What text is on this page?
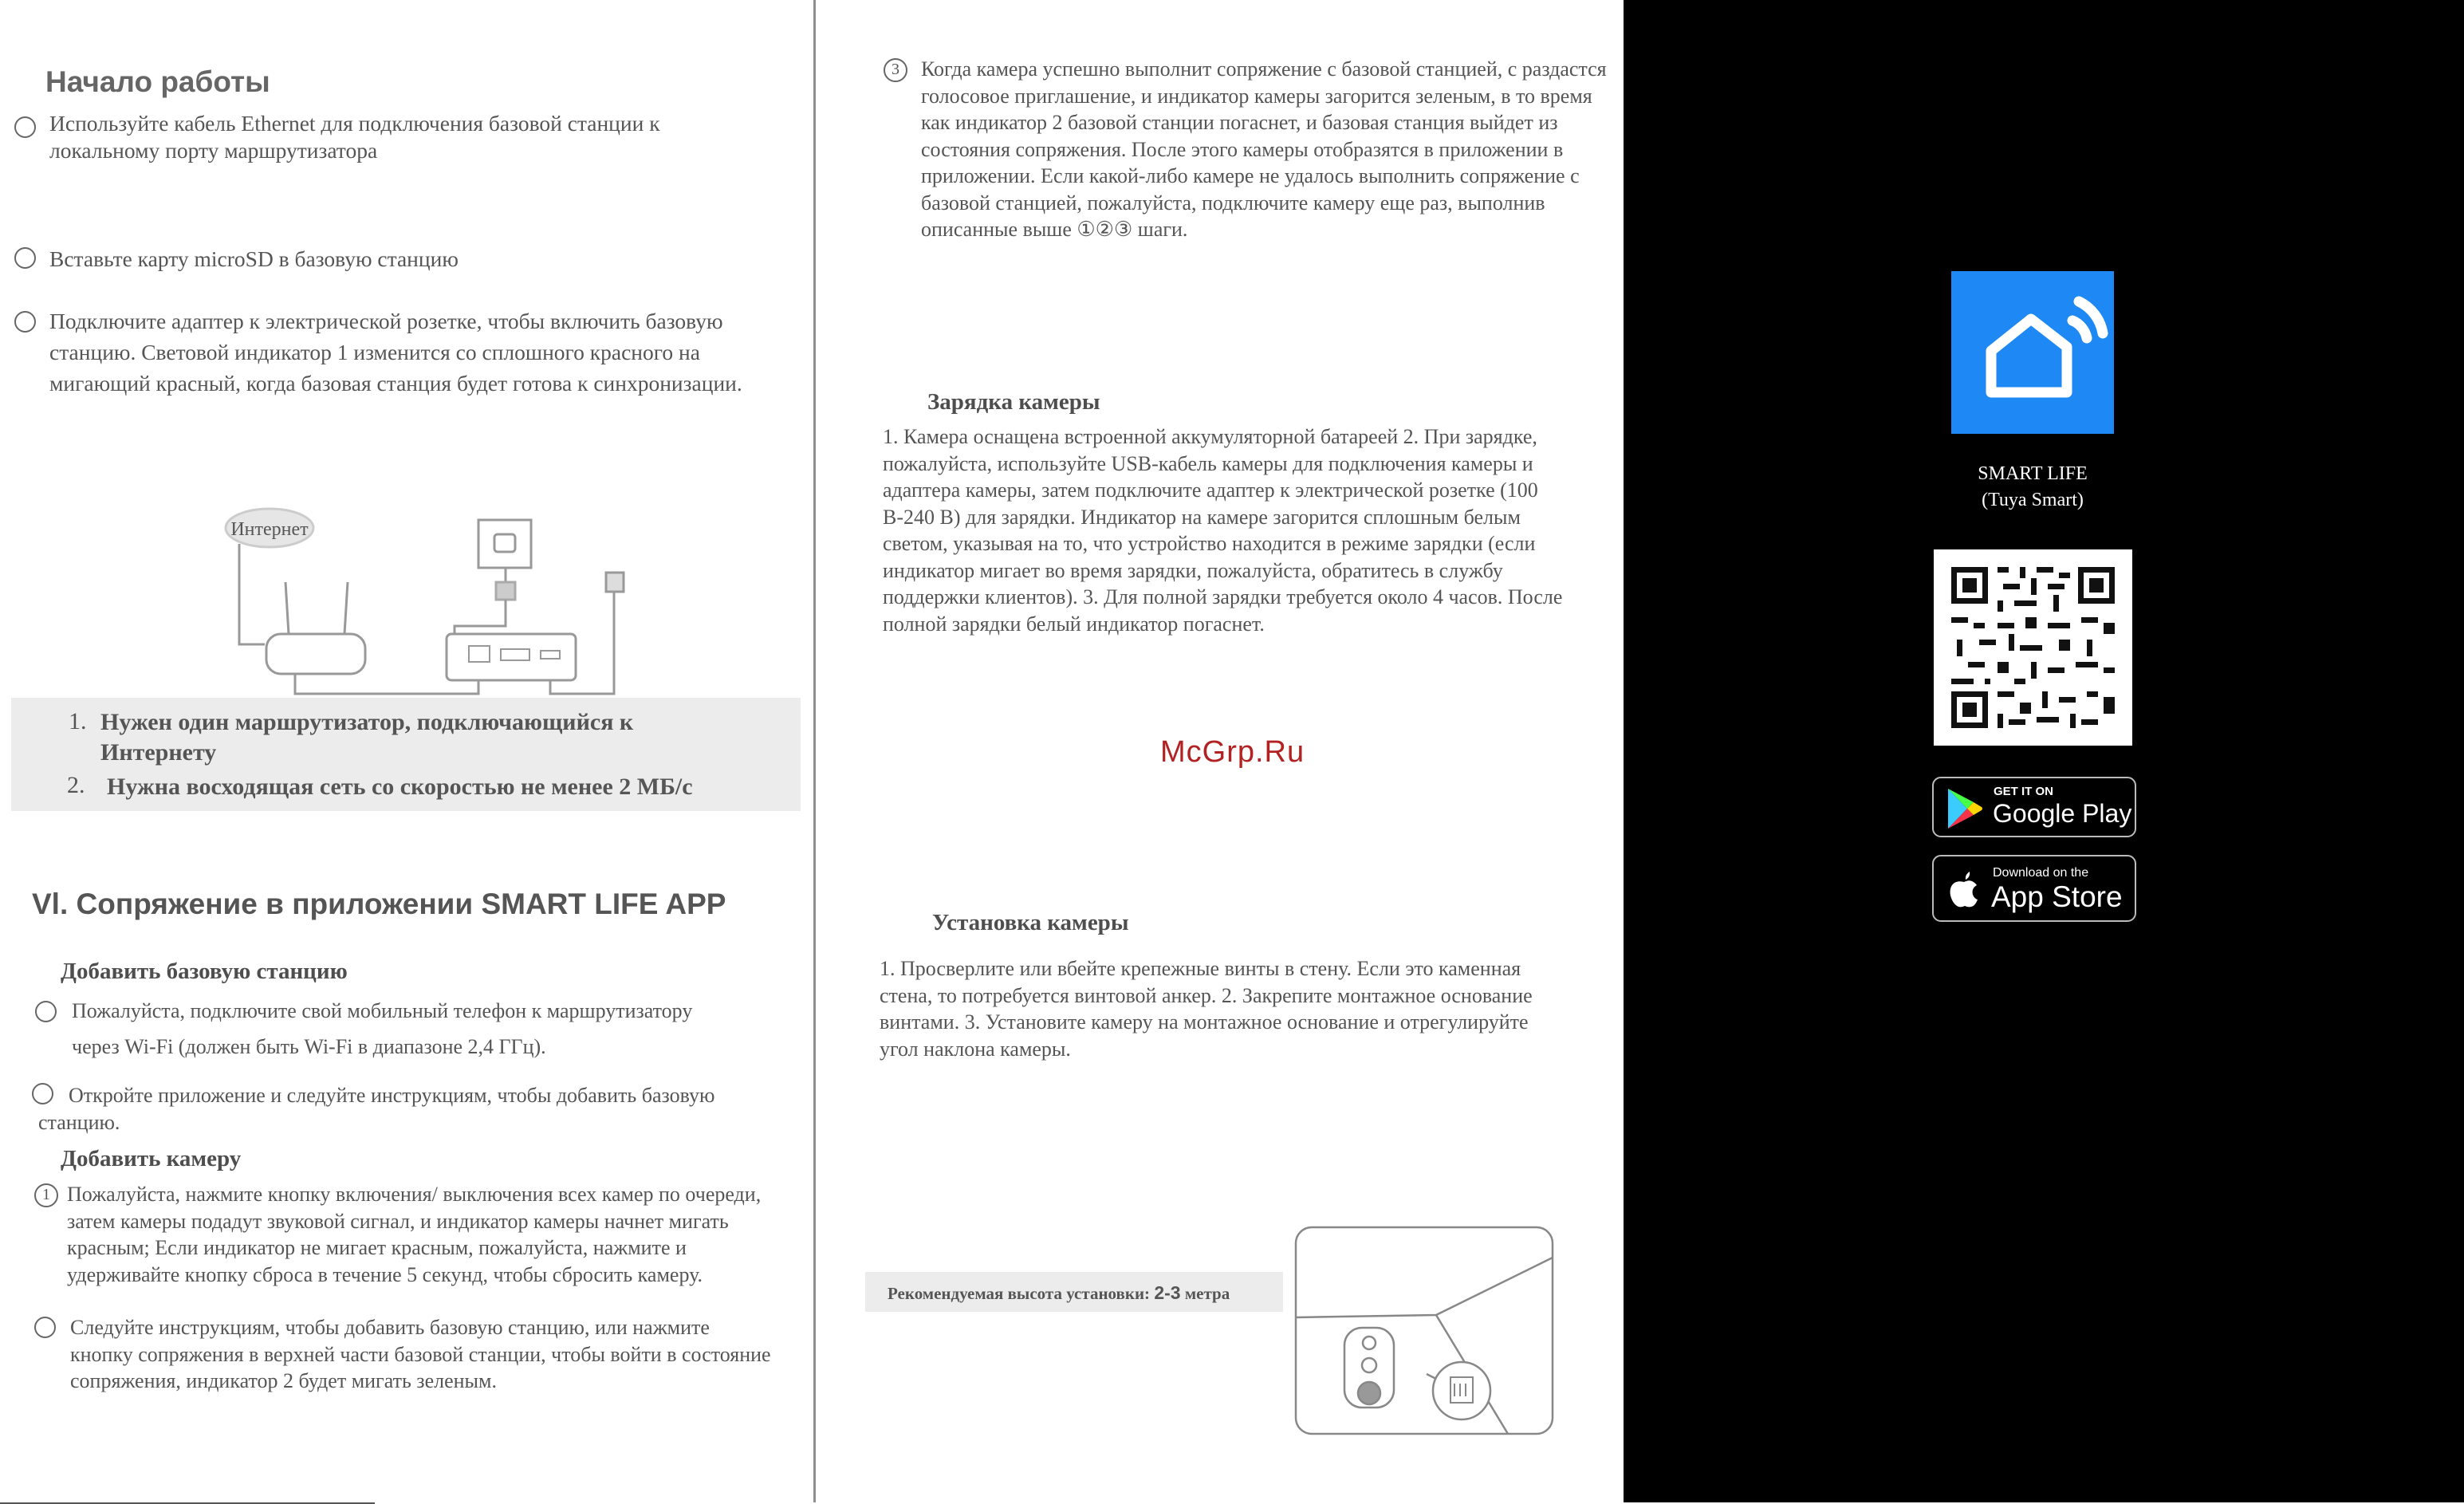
Начало работы
Используйте кабель Ethernet для подключения базовой станции к локальному порту маршрутизатора
Вставьте карту microSD в базовую станцию
Подключите адаптер к электрической розетке, чтобы включить базовую станцию. Световой индикатор 1 изменится со сплошного красного на мигающий красный, когда базовая станция будет готова к синхронизации.
Интернет
1. Нужен один маршрутизатор, подключающийся к Интернету
2. Нужна восходящая сеть со скоростью не менее 2 МБ/с
Vl. Сопряжение в приложении SMART LIFE APP
Добавить базовую станцию
Пожалуйста, подключите свой мобильный телефон к маршрутизатору
через Wi-Fi (должен быть Wi-Fi в диапазоне 2,4 ГГц).
Откройте приложение и следуйте инструкциям, чтобы добавить базовую станцию.
Добавить камеру
1 Пожалуйста, нажмите кнопку включения/ выключения всех камер по очереди, затем камеры подадут звуковой сигнал, и индикатор камеры начнет мигать красным; Если индикатор не мигает красным, пожалуйста, нажмите и удерживайте кнопку сброса в течение 5 секунд, чтобы сбросить камеру.
Следуйте инструкциям, чтобы добавить базовую станцию, или нажмите кнопку сопряжения в верхней части базовой станции, чтобы войти в состояние сопряжения, индикатор 2 будет мигать зеленым.
3	Когда камера успешно выполнит сопряжение с базовой станцией, с раздастся голосовое приглашение, и индикатор камеры загорится зеленым, в то время как индикатор 2 базовой станции погаснет, и базовая станция выйдет из состояния сопряжения. После этого камеры отобразятся в приложении в приложении. Если какой-либо камере не удалось выполнить сопряжение с базовой станцией, пожалуйста, подключите камеру еще раз, выполнив описанные выше ①②③ шаги.
Зарядка камеры
1. Камера оснащена встроенной аккумуляторной батареей 2. При зарядке, пожалуйста, используйте USB-кабель камеры для подключения камеры и адаптера камеры, затем подключите адаптер к электрической розетке (100 В-240 В) для зарядки. Индикатор на камере загорится сплошным белым светом, указывая на то, что устройство находится в режиме зарядки (если индикатор мигает во время зарядки, пожалуйста, обратитесь в службу поддержки клиентов). 3. Для полной зарядки требуется около 4 часов. После полной зарядки белый индикатор погаснет.
McGrp.Ru
Установка камеры
1. Просверлите или вбейте крепежные винты в стену. Если это каменная стена, то потребуется винтовой анкер. 2. Закрепите монтажное основание винтами. 3. Установите камеру на монтажное основание и отрегулируйте угол наклона камеры.
Рекомендуемая высота установки: 2-3 метра
SMART LIFE
(Tuya Smart)
GET IT ON
Google Play
Download on the
App Store
